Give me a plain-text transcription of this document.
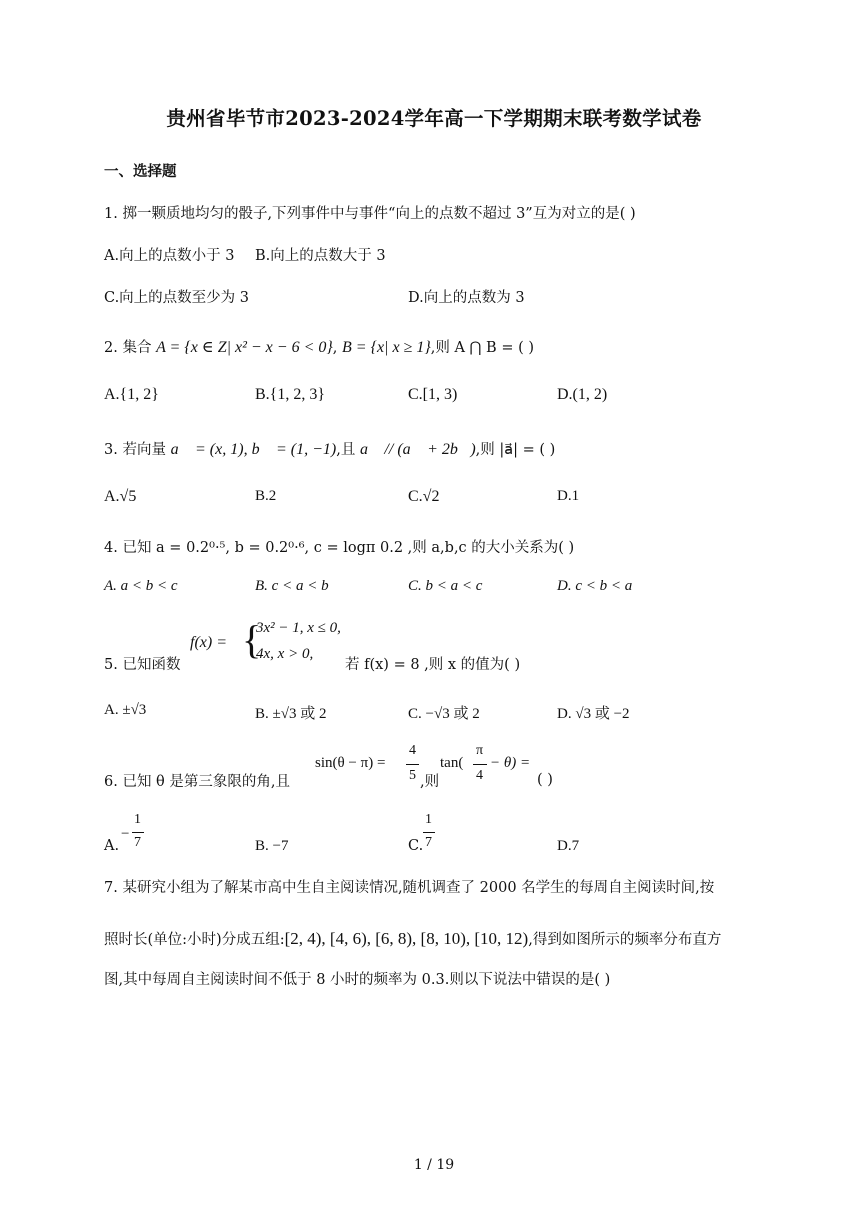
贵州省毕节市2023-2024学年高一下学期期末联考数学试卷
一、选择题
1. 掷一颗质地均匀的骰子,下列事件中与事件“向上的点数不超过 3”互为对立的是( )
A.向上的点数小于 3 B.向上的点数大于 3
C.向上的点数至少为 3	D.向上的点数为 3
2. 集合 A = {x ∈ Z| x² − x − 6 < 0}, B = {x| x ≥ 1},则 A ⋂ B = ( )
A.{1, 2}	B.{1, 2, 3}	C.[1, 3)	D.(1, 2)
3. 若向量 a⃗ = (x, 1), b⃗ = (1, −1),且 a⃗ // (a⃗ + 2b⃗),则 |a⃗| = ( )
A.√5	B.2	C.√2	D.1
4. 已知 a = 0.2⁰·⁵, b = 0.2⁰·⁶, c = logπ 0.2 ,则 a,b,c 的大小关系为( )
A. a < b < c	B. c < a < b	C. b < a < c	D. c < b < a
5. 已知函数
f(x) = {
3x² − 1, x ≤ 0,
4x, x > 0,
若 f(x) = 8 ,则 x 的值为( )
A. ±√3	B. ±√3 或 2	C. −√3 或 2	D. √3 或 −2
6. 已知 θ 是第三象限的角,且
sin(θ − π) =
4
5 ,则
tan(
π
4
− θ) =
( )
A.
−
1
7	B. −7	C.
1
7	D.7
7. 某研究小组为了解某市高中生自主阅读情况,随机调查了 2000 名学生的每周自主阅读时间,按
照时长(单位:小时)分成五组:[2, 4), [4, 6), [6, 8), [8, 10), [10, 12),得到如图所示的频率分布直方
图,其中每周自主阅读时间不低于 8 小时的频率为 0.3.则以下说法中错误的是( )
1 / 19
